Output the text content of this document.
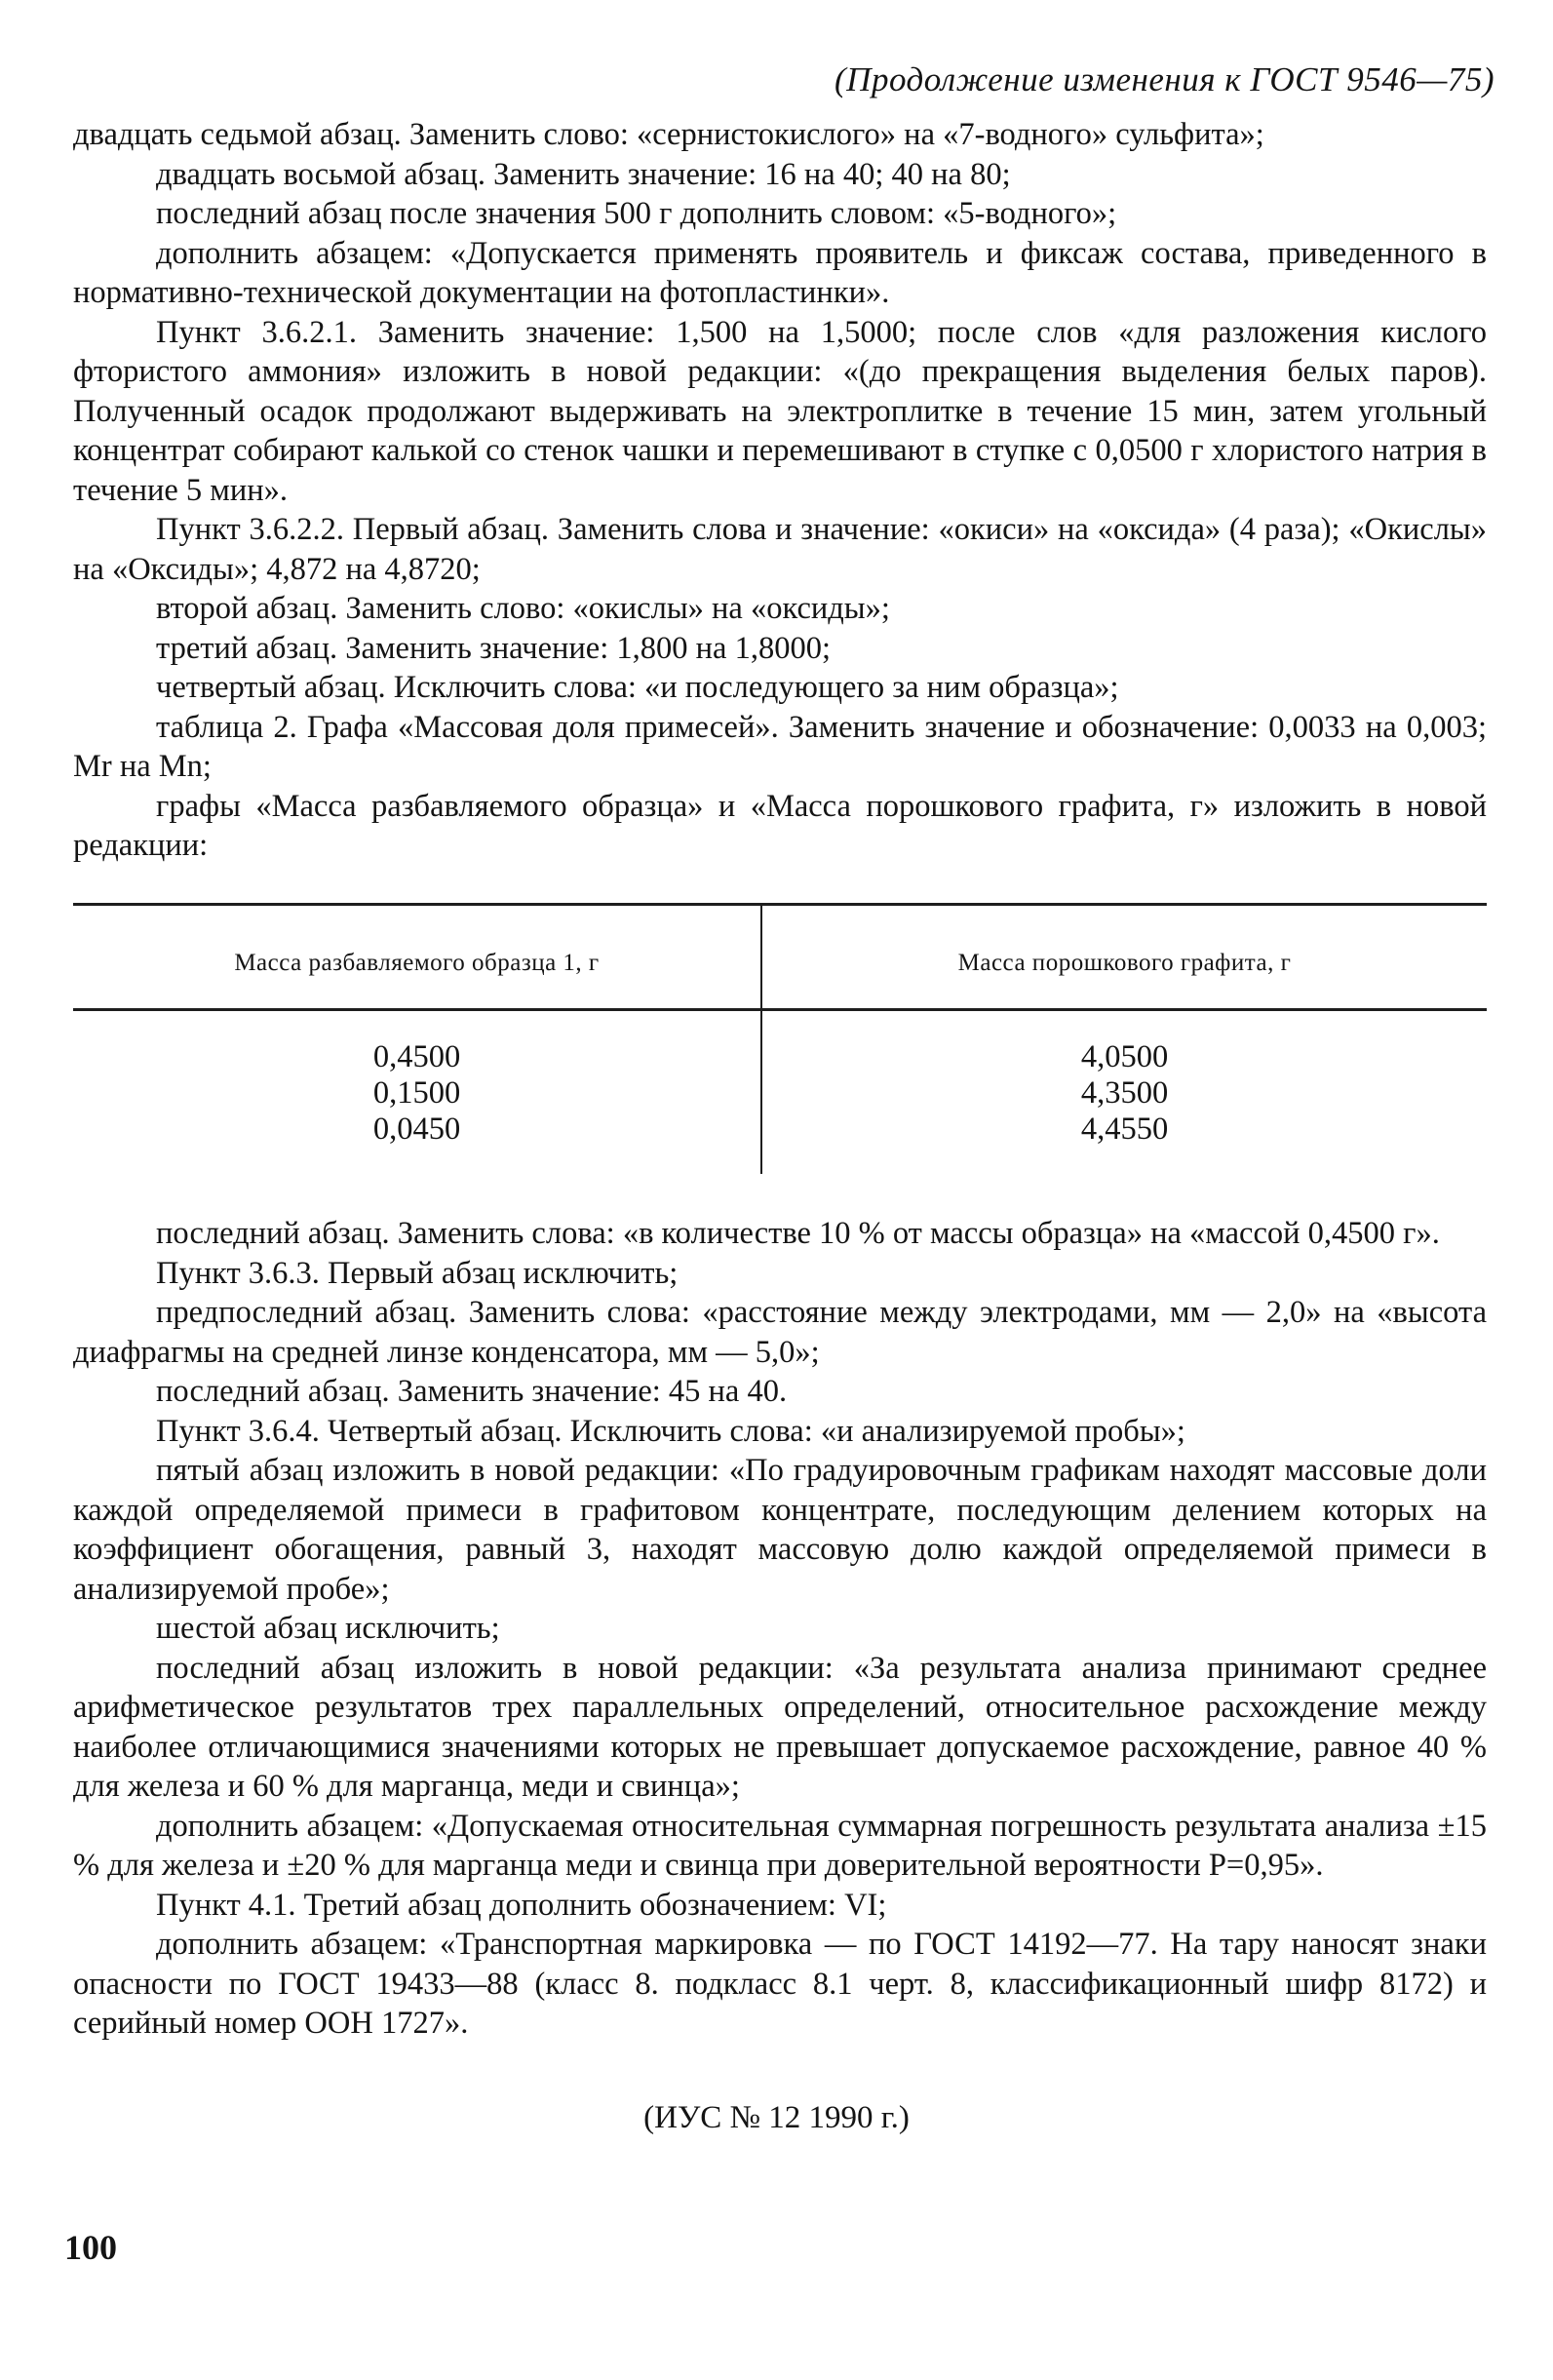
(Продолжение изменения к ГОСТ 9546—75)

двадцать седьмой абзац. Заменить слово: «сернистокислого» на «7-водного» сульфита»;

двадцать восьмой абзац. Заменить значение: 16 на 40; 40 на 80;

последний абзац после значения 500 г дополнить словом: «5-водного»;

дополнить абзацем: «Допускается применять проявитель и фиксаж состава, приведенного в нормативно-технической документации на фотопластинки».

Пункт 3.6.2.1. Заменить значение: 1,500 на 1,5000; после слов «для разложения кислого фтористого аммония» изложить в новой редакции: «(до прекращения выделения белых паров). Полученный осадок продолжают выдерживать на электроплитке в течение 15 мин, затем угольный концентрат собирают калькой со стенок чашки и перемешивают в ступке с 0,0500 г хлористого натрия в течение 5 мин».

Пункт 3.6.2.2. Первый абзац. Заменить слова и значение: «окиси» на «оксида» (4 раза); «Окислы» на «Оксиды»; 4,872 на 4,8720;

второй абзац. Заменить слово: «окислы» на «оксиды»;

третий абзац. Заменить значение: 1,800 на 1,8000;

четвертый абзац. Исключить слова: «и последующего за ним образца»;

таблица 2. Графа «Массовая доля примесей». Заменить значение и обозначение: 0,0033 на 0,003; Mr на Mn;

графы «Масса разбавляемого образца» и «Масса порошкового графита, г» изложить в новой редакции:

Масса разбавляемого образца 1, г	Масса порошкового графита, г
0,4500
0,1500
0,0450
4,0500
4,3500
4,4550

последний абзац. Заменить слова: «в количестве 10 % от массы образца» на «массой 0,4500 г».

Пункт 3.6.3. Первый абзац исключить;

предпоследний абзац. Заменить слова: «расстояние между электродами, мм — 2,0» на «высота диафрагмы на средней линзе конденсатора, мм — 5,0»;

последний абзац. Заменить значение: 45 на 40.

Пункт 3.6.4. Четвертый абзац. Исключить слова: «и анализируемой пробы»;

пятый абзац изложить в новой редакции: «По градуировочным графикам находят массовые доли каждой определяемой примеси в графитовом концентрате, последующим делением которых на коэффициент обогащения, равный 3, находят массовую долю каждой определяемой примеси в анализируемой пробе»;

шестой абзац исключить;

последний абзац изложить в новой редакции: «За результата анализа принимают среднее арифметическое результатов трех параллельных определений, относительное расхождение между наиболее отличающимися значениями которых не превышает допускаемое расхождение, равное 40 % для железа и 60 % для марганца, меди и свинца»;

дополнить абзацем: «Допускаемая относительная суммарная погрешность результата анализа ±15 % для железа и ±20 % для марганца меди и свинца при доверительной вероятности P=0,95».

Пункт 4.1. Третий абзац дополнить обозначением: VI;

дополнить абзацем: «Транспортная маркировка — по ГОСТ 14192—77. На тару наносят знаки опасности по ГОСТ 19433—88 (класс 8. подкласс 8.1 черт. 8, классификационный шифр 8172) и серийный номер ООН 1727».

(ИУС № 12 1990 г.)
100
